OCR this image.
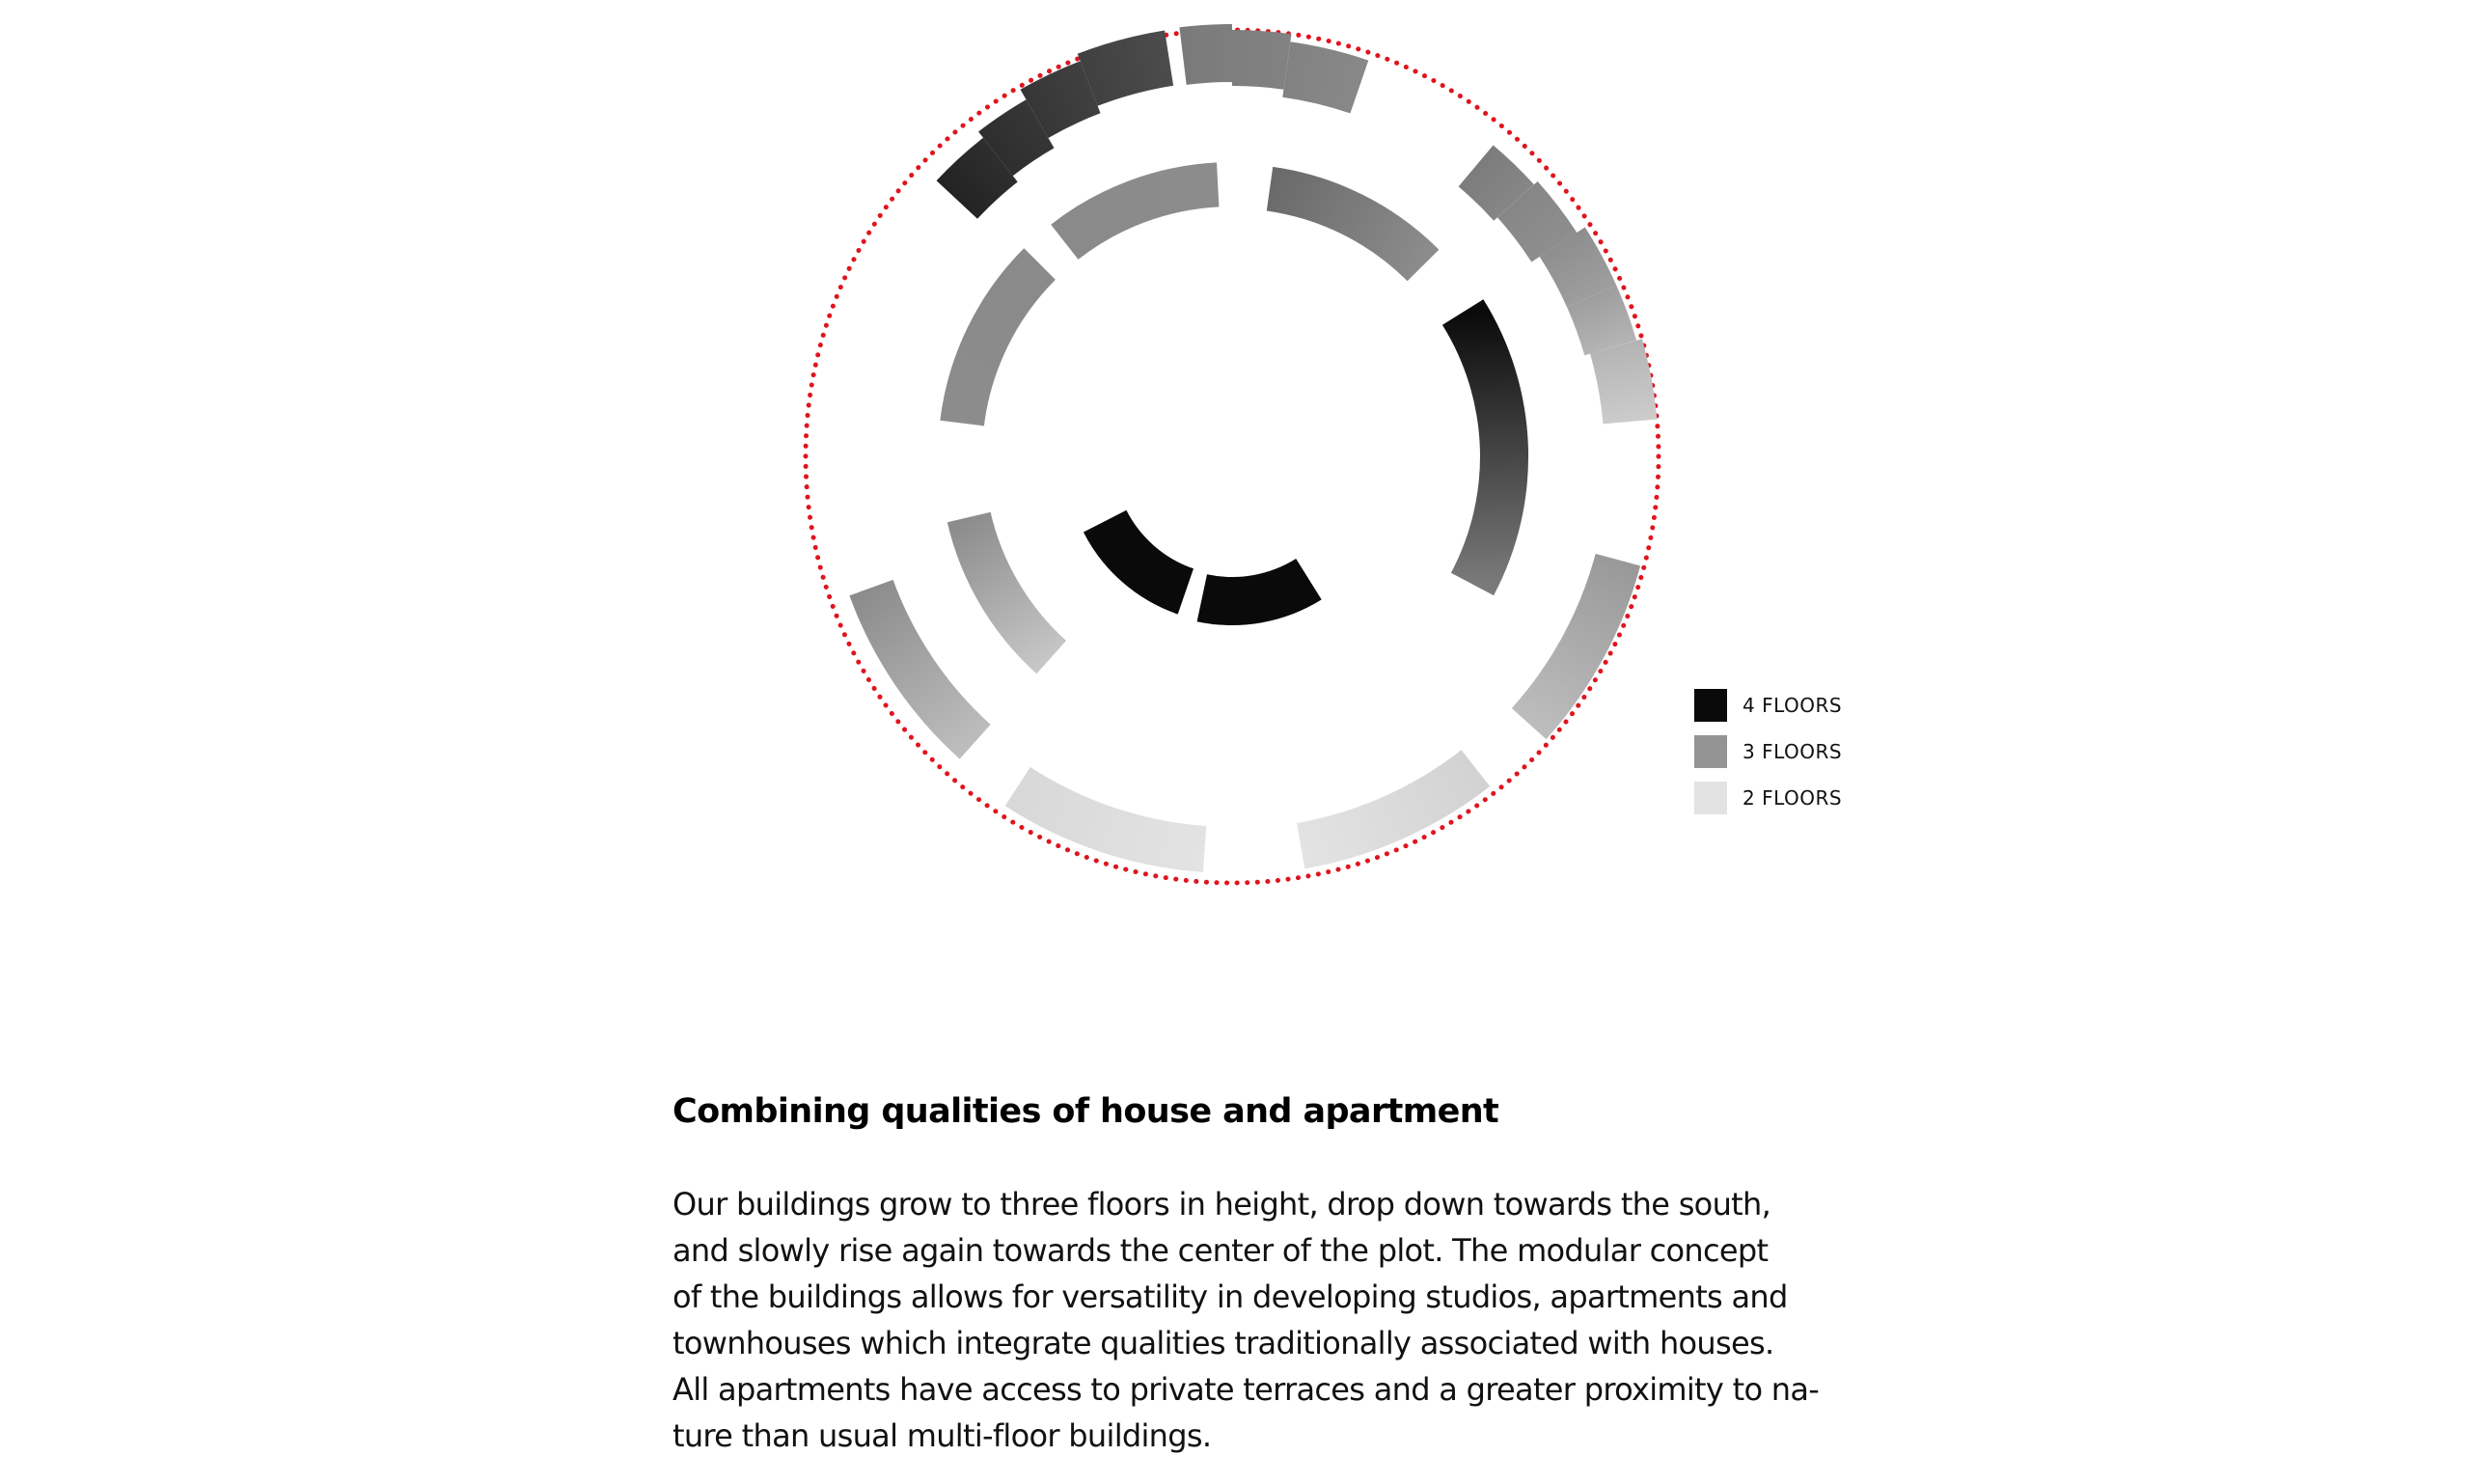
4 FLOORS
3 FLOORS
2 FLOORS
Combining qualities of house and apartment

Our buildings grow to three floors in height, drop down towards the south,
and slowly rise again towards the center of the plot. The modular concept
of the buildings allows for versatility in developing studios, apartments and
townhouses which integrate qualities traditionally associated with houses.
All apartments have access to private terraces and a greater proximity to na-
ture than usual multi-floor buildings.
